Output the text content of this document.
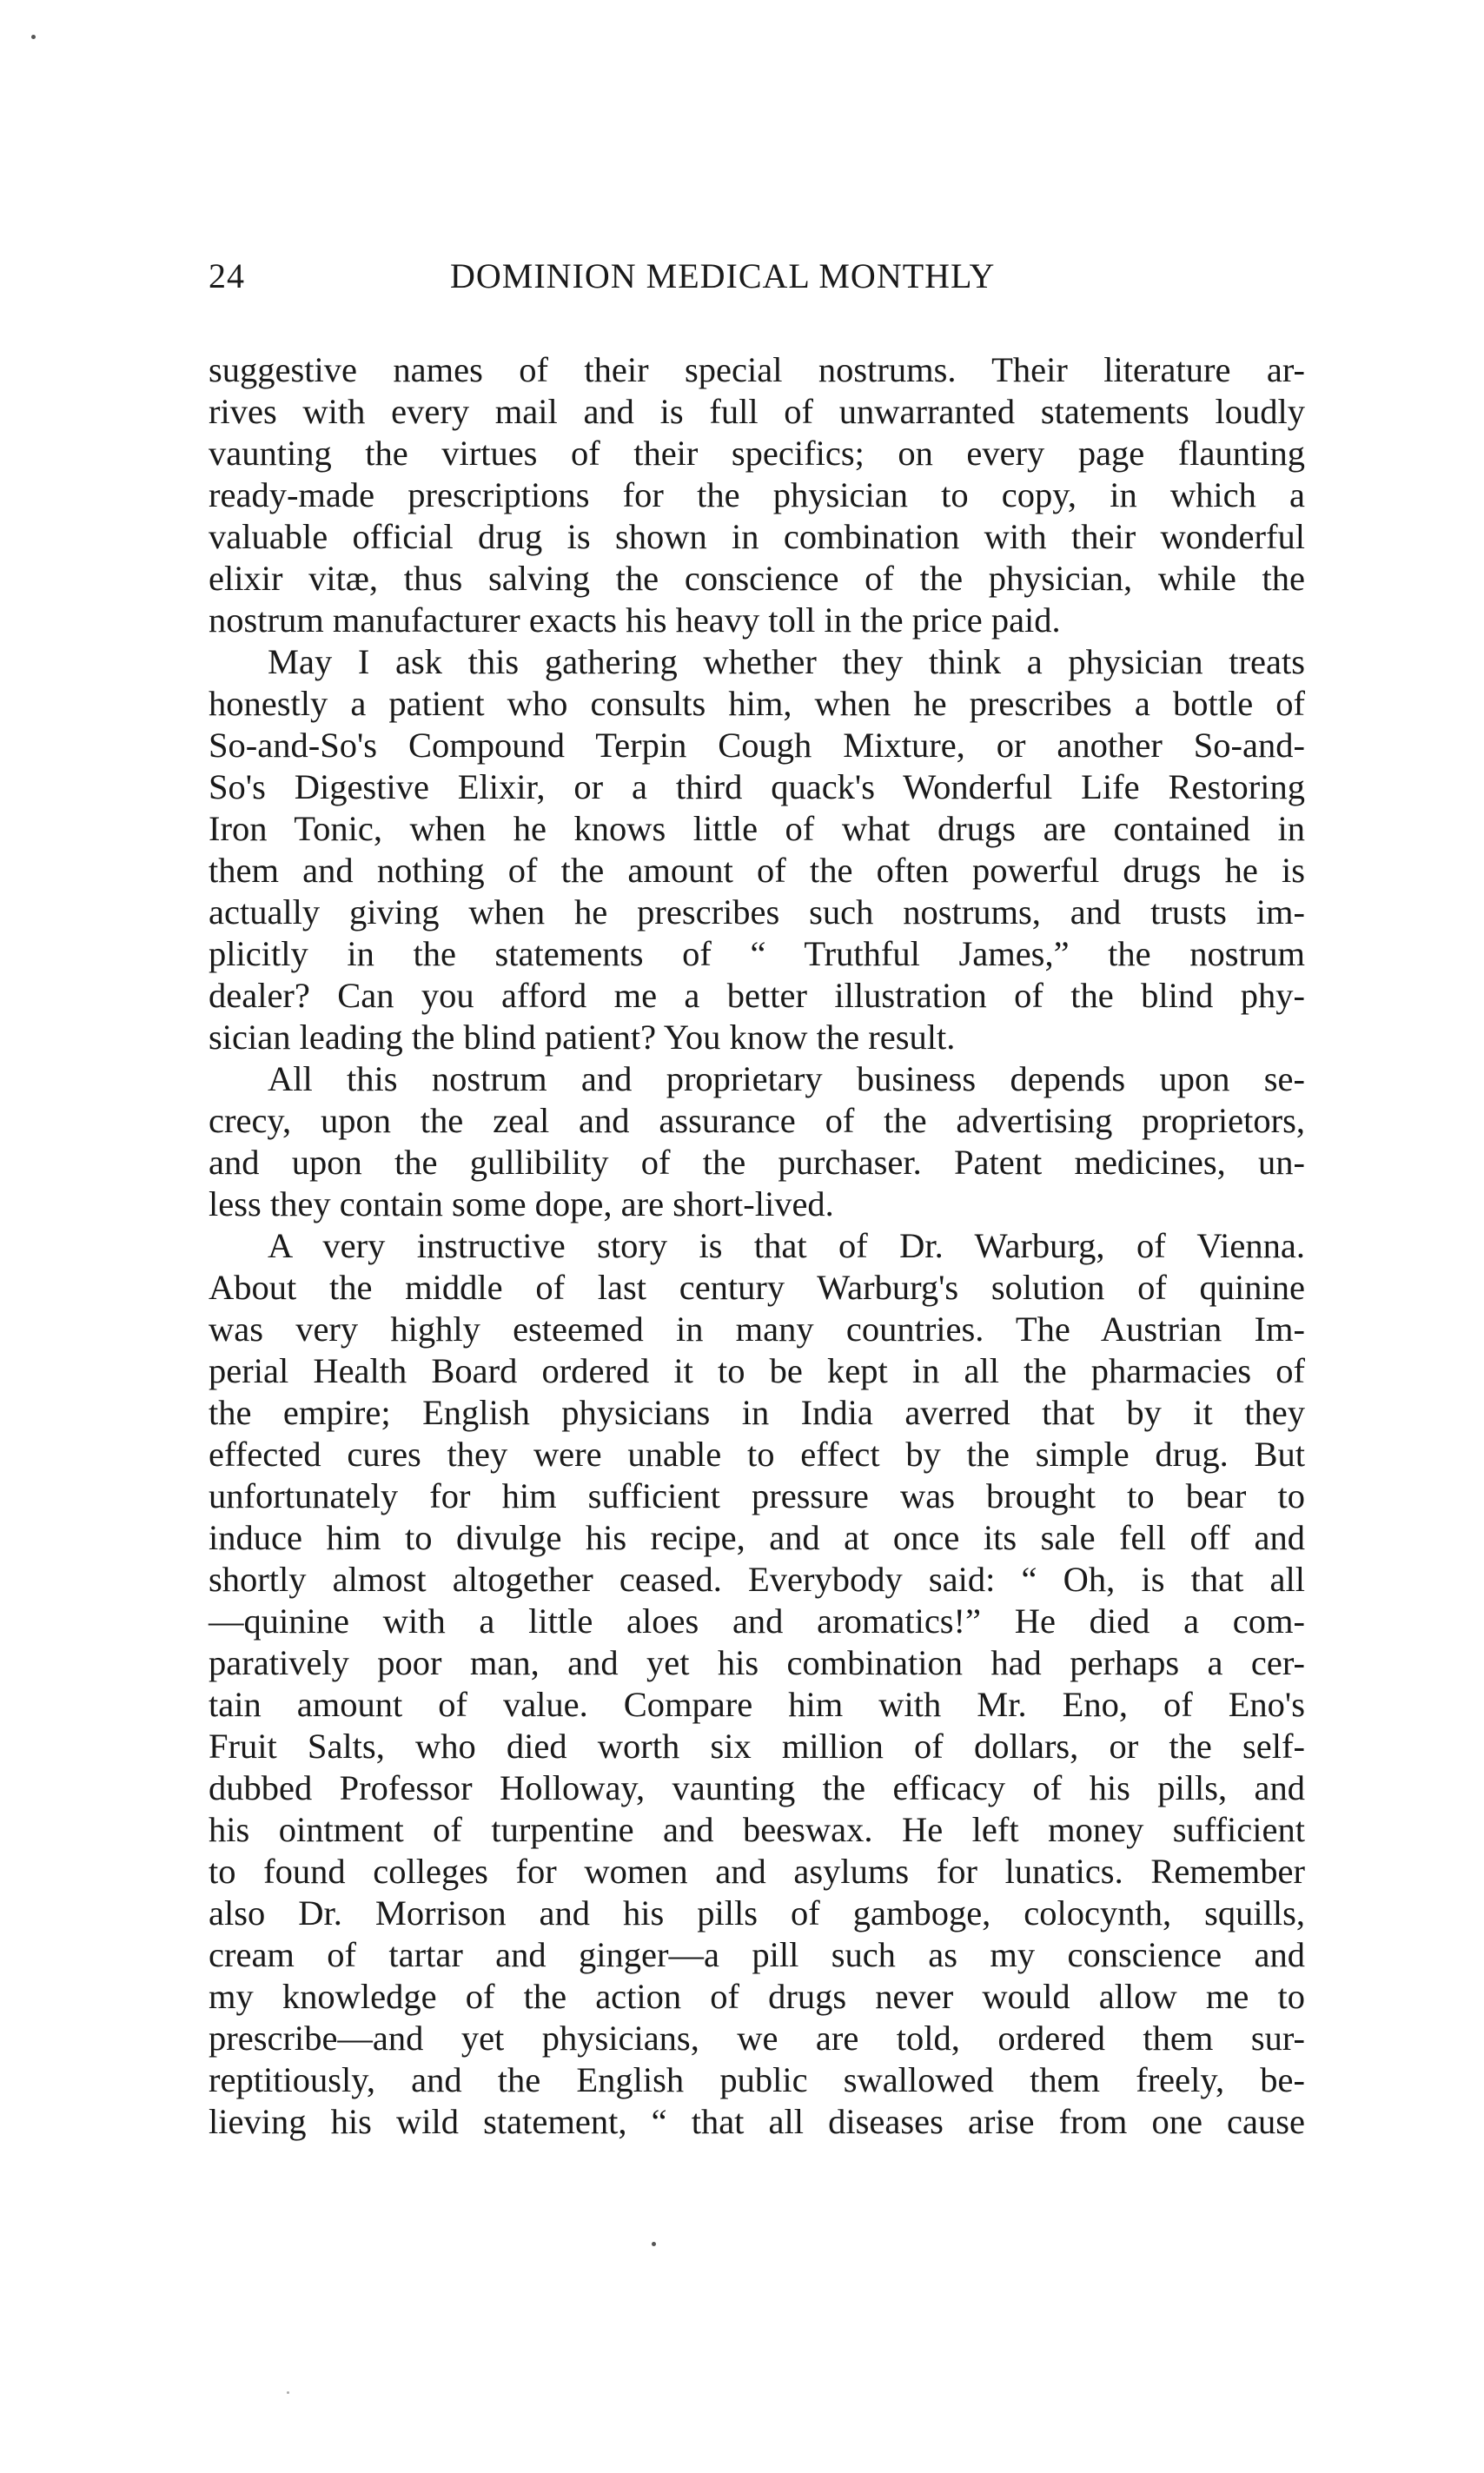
24	DOMINION MEDICAL MONTHLY
suggestive names of their special nostrums. Their literature ar-
rives with every mail and is full of unwarranted statements loudly
vaunting the virtues of their specifics; on every page flaunting
ready-made prescriptions for the physician to copy, in which a
valuable official drug is shown in combination with their wonderful
elixir vitæ, thus salving the conscience of the physician, while the
nostrum manufacturer exacts his heavy toll in the price paid.
May I ask this gathering whether they think a physician treats
honestly a patient who consults him, when he prescribes a bottle of
So-and-So's Compound Terpin Cough Mixture, or another So-and-
So's Digestive Elixir, or a third quack's Wonderful Life Restoring
Iron Tonic, when he knows little of what drugs are contained in
them and nothing of the amount of the often powerful drugs he is
actually giving when he prescribes such nostrums, and trusts im-
plicitly in the statements of “ Truthful James,” the nostrum
dealer? Can you afford me a better illustration of the blind phy-
sician leading the blind patient? You know the result.
All this nostrum and proprietary business depends upon se-
crecy, upon the zeal and assurance of the advertising proprietors,
and upon the gullibility of the purchaser. Patent medicines, un-
less they contain some dope, are short-lived.
A very instructive story is that of Dr. Warburg, of Vienna.
About the middle of last century Warburg's solution of quinine
was very highly esteemed in many countries. The Austrian Im-
perial Health Board ordered it to be kept in all the pharmacies of
the empire; English physicians in India averred that by it they
effected cures they were unable to effect by the simple drug. But
unfortunately for him sufficient pressure was brought to bear to
induce him to divulge his recipe, and at once its sale fell off and
shortly almost altogether ceased. Everybody said: “ Oh, is that all
—quinine with a little aloes and aromatics!” He died a com-
paratively poor man, and yet his combination had perhaps a cer-
tain amount of value. Compare him with Mr. Eno, of Eno's
Fruit Salts, who died worth six million of dollars, or the self-
dubbed Professor Holloway, vaunting the efficacy of his pills, and
his ointment of turpentine and beeswax. He left money sufficient
to found colleges for women and asylums for lunatics. Remember
also Dr. Morrison and his pills of gamboge, colocynth, squills,
cream of tartar and ginger—a pill such as my conscience and
my knowledge of the action of drugs never would allow me to
prescribe—and yet physicians, we are told, ordered them sur-
reptitiously, and the English public swallowed them freely, be-
lieving his wild statement, “ that all diseases arise from one cause
